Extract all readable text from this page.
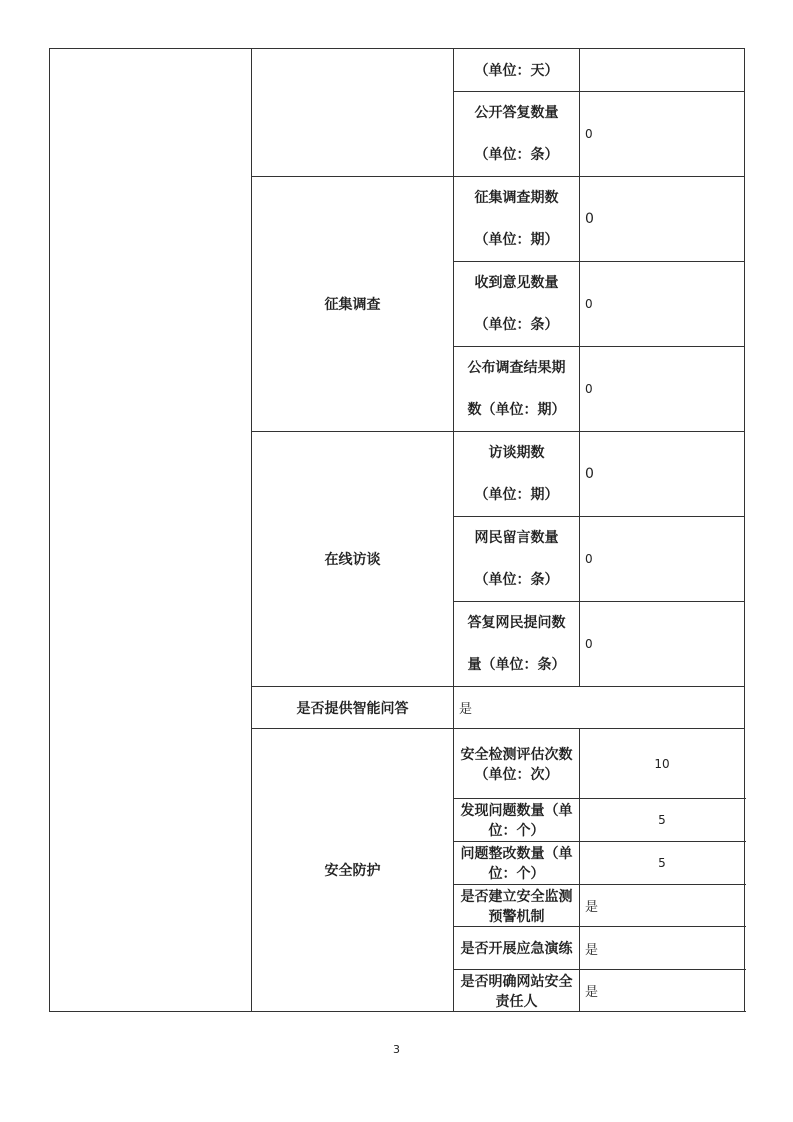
		（单位：天）	
		公开答复数量
（单位：条）	0
	征集调查	征集调查期数
（单位：期）	0
		收到意见数量
（单位：条）	0
		公布调查结果期
数（单位：期）	0
	在线访谈	访谈期数
（单位：期）	0
		网民留言数量
（单位：条）	0
		答复网民提问数
量（单位：条）	0
	是否提供智能问答	是	
	安全防护	安全检测评估次数（单位：次）	10
		发现问题数量（单位：个）	5
		问题整改数量（单位：个）	5
		是否建立安全监测预警机制	是
		是否开展应急演练	是
		是否明确网站安全责任人	是
3
